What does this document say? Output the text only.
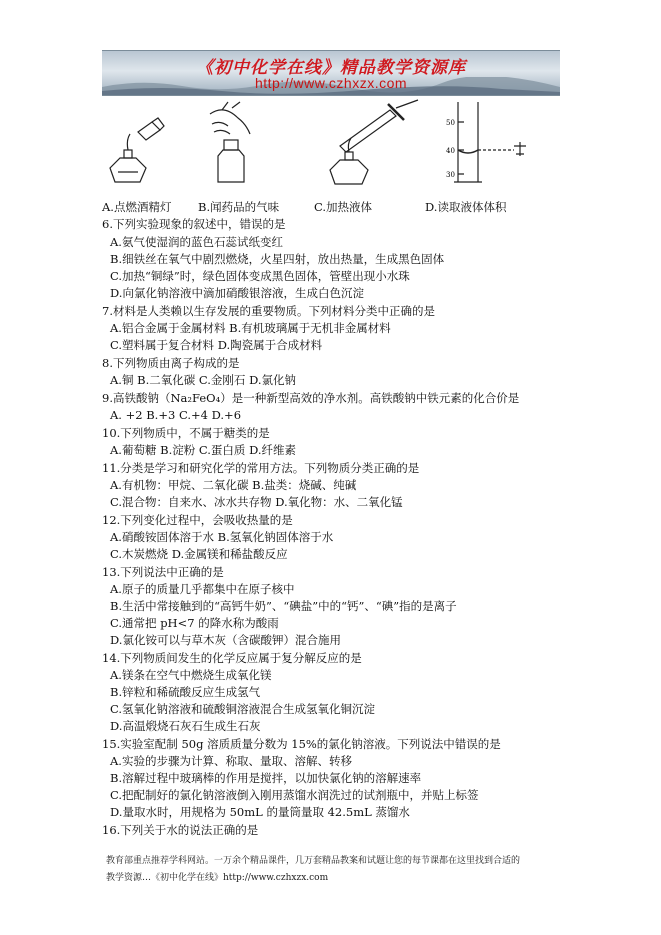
《初中化学在线》精品教学资源库
http://www.czhxzx.com
50
40
30
A.点燃酒精灯 B.闻药品的气味	C.加热液体	D.读取液体体积
6.下列实验现象的叙述中，错误的是
A.氨气使湿润的蓝色石蕊试纸变红
B.细铁丝在氧气中剧烈燃烧，火星四射，放出热量，生成黑色固体
C.加热“铜绿”时，绿色固体变成黑色固体，管壁出现小水珠
D.向氯化钠溶液中滴加硝酸银溶液，生成白色沉淀
7.材料是人类赖以生存发展的重要物质。下列材料分类中正确的是
A.铝合金属于金属材料 B.有机玻璃属于无机非金属材料
C.塑料属于复合材料 D.陶瓷属于合成材料
8.下列物质由离子构成的是
A.铜 B.二氧化碳 C.金刚石 D.氯化钠
9.高铁酸钠（Na₂FeO₄）是一种新型高效的净水剂。高铁酸钠中铁元素的化合价是
A. +2 B.+3 C.+4 D.+6
10.下列物质中，不属于糖类的是
A.葡萄糖 B.淀粉 C.蛋白质 D.纤维素
11.分类是学习和研究化学的常用方法。下列物质分类正确的是
A.有机物：甲烷、二氧化碳 B.盐类：烧碱、纯碱
C.混合物：自来水、冰水共存物 D.氧化物：水、二氧化锰
12.下列变化过程中，会吸收热量的是
A.硝酸铵固体溶于水 B.氢氧化钠固体溶于水
C.木炭燃烧 D.金属镁和稀盐酸反应
13.下列说法中正确的是
A.原子的质量几乎都集中在原子核中
B.生活中常接触到的“高钙牛奶”、“碘盐”中的“钙”、“碘”指的是离子
C.通常把 pH<7 的降水称为酸雨
D.氯化铵可以与草木灰（含碳酸钾）混合施用
14.下列物质间发生的化学反应属于复分解反应的是
A.镁条在空气中燃烧生成氧化镁
B.锌粒和稀硫酸反应生成氢气
C.氢氧化钠溶液和硫酸铜溶液混合生成氢氧化铜沉淀
D.高温煅烧石灰石生成生石灰
15.实验室配制 50g 溶质质量分数为 15%的氯化钠溶液。下列说法中错误的是
A.实验的步骤为计算、称取、量取、溶解、转移
B.溶解过程中玻璃棒的作用是搅拌，以加快氯化钠的溶解速率
C.把配制好的氯化钠溶液倒入刚用蒸馏水润洗过的试剂瓶中，并贴上标签
D.量取水时，用规格为 50mL 的量筒量取 42.5mL 蒸馏水
16.下列关于水的说法正确的是
教育部重点推荐学科网站。一万余个精品课件，几万套精品教案和试题让您的每节课都在这里找到合适的
教学资源…《初中化学在线》http://www.czhxzx.com
